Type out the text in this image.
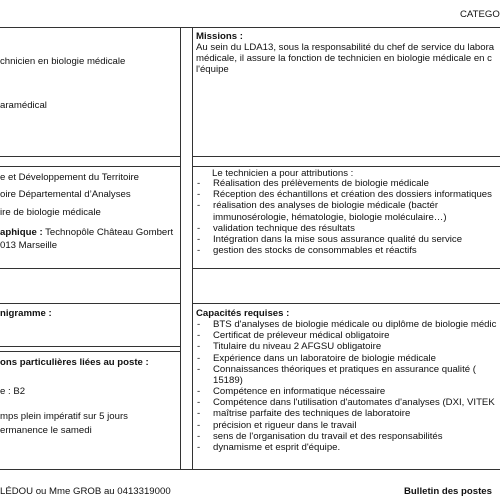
CATEGO
chnicien en biologie médicale
aramédical
e et Développement du Territoire
oire Départemental d’Analyses
ire de biologie médicale
aphique : Technopôle Château Gombert
013 Marseille
nigramme :
ons particulières liées au poste :
e : B2
mps plein impératif sur 5 jours
ermanence le samedi
LÉDOU ou Mme GROB au 0413319000
Missions :
Au sein du LDA13, sous la responsabilité du chef de service du labora
médicale, il assure la fonction de technicien en biologie médicale en c
l'équipe
Le technicien a pour attributions :
- Réalisation des prélèvements de biologie médicale
- Réception des échantillons et création des dossiers informatiques
- réalisation des analyses de biologie médicale (bactér
immunosérologie, hématologie, biologie moléculaire…)
- validation technique des résultats
- Intégration dans la mise sous assurance qualité du service
- gestion des stocks de consommables et réactifs
Capacités requises :
- BTS d'analyses de biologie médicale ou diplôme de biologie médic
- Certificat de préleveur médical obligatoire
- Titulaire du niveau 2 AFGSU obligatoire
- Expérience dans un laboratoire de biologie médicale
- Connaissances théoriques et pratiques en assurance qualité (
15189)
- Compétence en informatique nécessaire
- Compétence dans l'utilisation d'automates d'analyses (DXI, VITEK
- maîtrise parfaite des techniques de laboratoire
- précision et rigueur dans le travail
- sens de l'organisation du travail et des responsabilités
- dynamisme et esprit d'équipe.
Bulletin des postes
